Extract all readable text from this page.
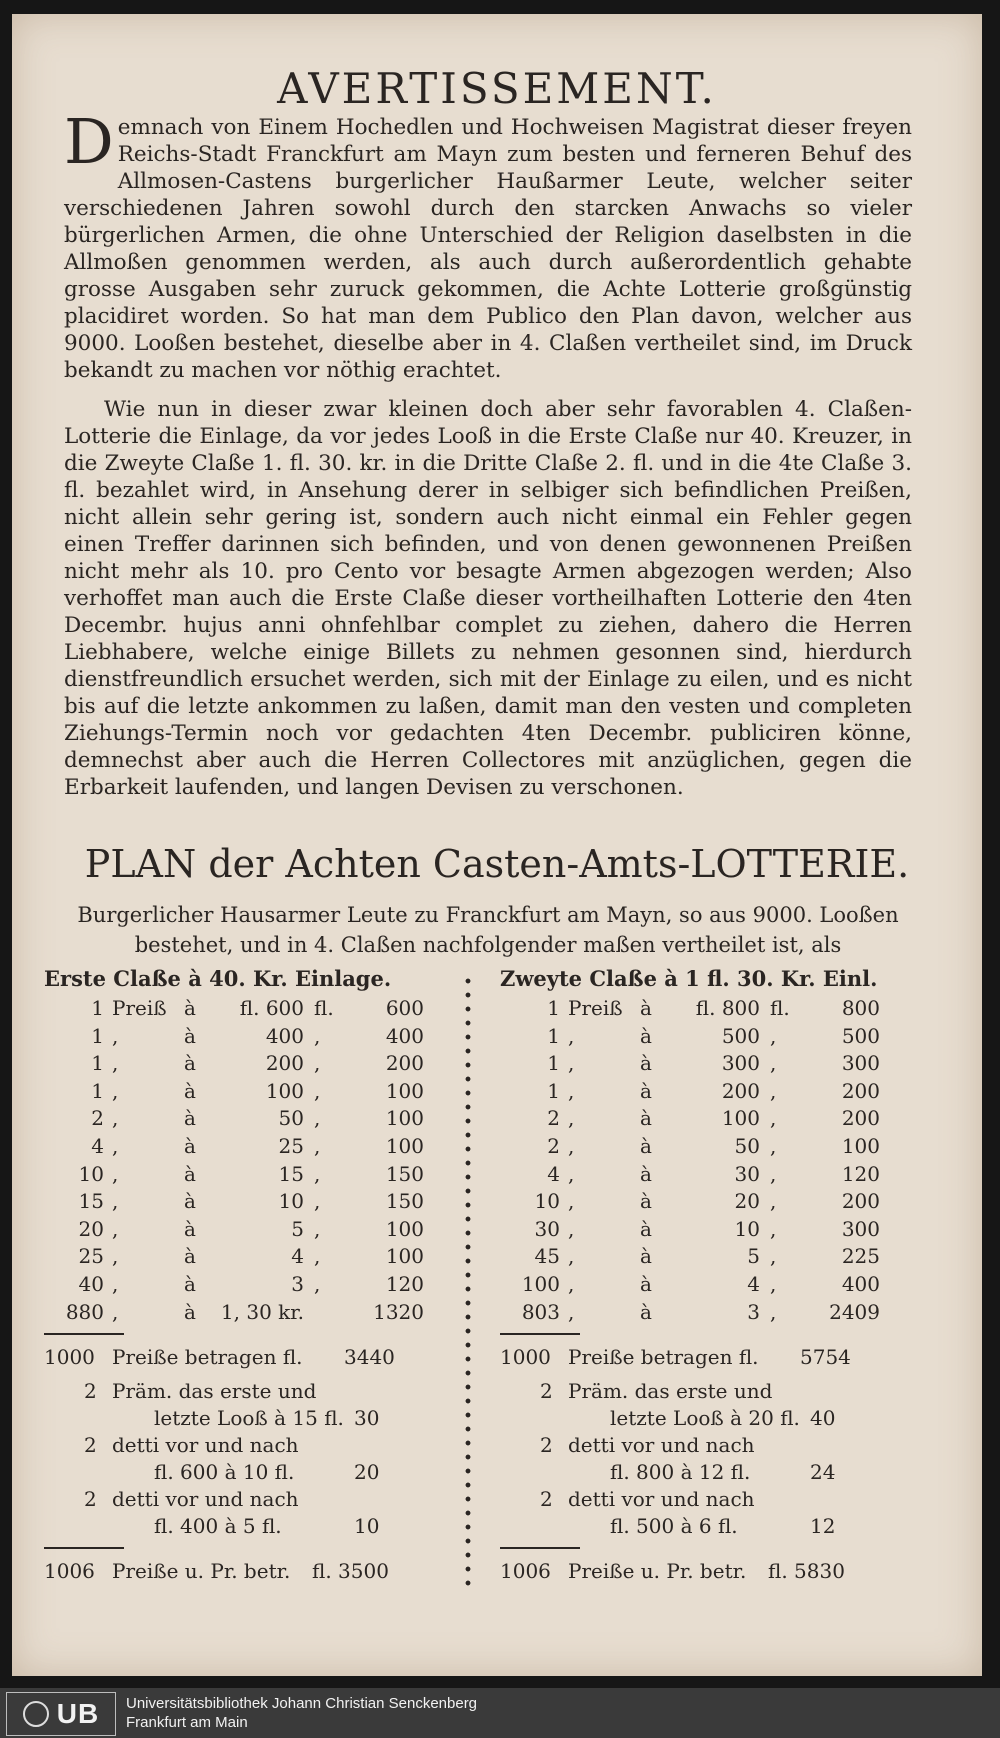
AVERTISSEMENT.

Demnach von Einem Hochedlen und Hochweisen Magistrat dieser freyen Reichs-Stadt Franckfurt am Mayn zum besten und ferneren Behuf des Allmosen-Castens burgerlicher Haußarmer Leute, welcher seiter verschiedenen Jahren sowohl durch den starcken Anwachs so vieler bürgerlichen Armen, die ohne Unterschied der Religion daselbsten in die Allmoßen genommen werden, als auch durch außerordentlich gehabte grosse Ausgaben sehr zuruck gekommen, die Achte Lotterie großgünstig placidiret worden. So hat man dem Publico den Plan davon, welcher aus 9000. Looßen bestehet, dieselbe aber in 4. Claßen vertheilet sind, im Druck bekandt zu machen vor nöthig erachtet.

Wie nun in dieser zwar kleinen doch aber sehr favorablen 4. Claßen-Lotterie die Einlage, da vor jedes Looß in die Erste Claße nur 40. Kreuzer, in die Zweyte Claße 1. fl. 30. kr. in die Dritte Claße 2. fl. und in die 4te Claße 3. fl. bezahlet wird, in Ansehung derer in selbiger sich befindlichen Preißen, nicht allein sehr gering ist, sondern auch nicht einmal ein Fehler gegen einen Treffer darinnen sich befinden, und von denen gewonnenen Preißen nicht mehr als 10. pro Cento vor besagte Armen abgezogen werden; Also verhoffet man auch die Erste Claße dieser vortheilhaften Lotterie den 4ten Decembr. hujus anni ohnfehlbar complet zu ziehen, dahero die Herren Liebhabere, welche einige Billets zu nehmen gesonnen sind, hierdurch dienstfreundlich ersuchet werden, sich mit der Einlage zu eilen, und es nicht bis auf die letzte ankommen zu laßen, damit man den vesten und completen Ziehungs-Termin noch vor gedachten 4ten Decembr. publiciren könne, demnechst aber auch die Herren Collectores mit anzüglichen, gegen die Erbarkeit laufenden, und langen Devisen zu verschonen.

PLAN der Achten Casten-Amts-LOTTERIE.

Burgerlicher Hausarmer Leute zu Franckfurt am Mayn, so aus 9000. Looßen bestehet, und in 4. Claßen nachfolgender maßen vertheilet ist, als

Erste Claße à 40. Kr. Einlage.
1 Preiß à	fl. 600 fl.	600
1 ,	à	400 ,	400
1 ,	à	200 ,	200
1 ,	à	100 ,	100
2 ,	à	50 ,	100
4 ,	à	25 ,	100
10 ,	à	15 ,	150
15 ,	à	10 ,	150
20 ,	à	5 ,	100
25 ,	à	4 ,	100
40 ,	à	3 ,	120
880 ,	à	1, 30 kr.	1320
1000 Preiße betragen fl. 3440
2 Präm. das erste und
letzte Looß à 15 fl. 30
2 detti vor und nach
fl. 600 à 10 fl.	20
2 detti vor und nach
fl. 400 à 5 fl.	10
1006 Preiße u. Pr. betr. fl. 3500
Zweyte Claße à 1 fl. 30. Kr. Einl.
1 Preiß à	fl. 800 fl.	800
1 ,	à	500 ,	500
1 ,	à	300 ,	300
1 ,	à	200 ,	200
2 ,	à	100 ,	200
2 ,	à	50 ,	100
4 ,	à	30 ,	120
10 ,	à	20 ,	200
30 ,	à	10 ,	300
45 ,	à	5 ,	225
100 ,	à	4 ,	400
803 ,	à	3 ,	2409
1000 Preiße betragen fl. 5754
2 Präm. das erste und
letzte Looß à 20 fl. 40
2 detti vor und nach
fl. 800 à 12 fl.	24
2 detti vor und nach
fl. 500 à 6 fl.	12
1006 Preiße u. Pr. betr. fl. 5830
UB Universitätsbibliothek Johann Christian Senckenberg
Frankfurt am Main
